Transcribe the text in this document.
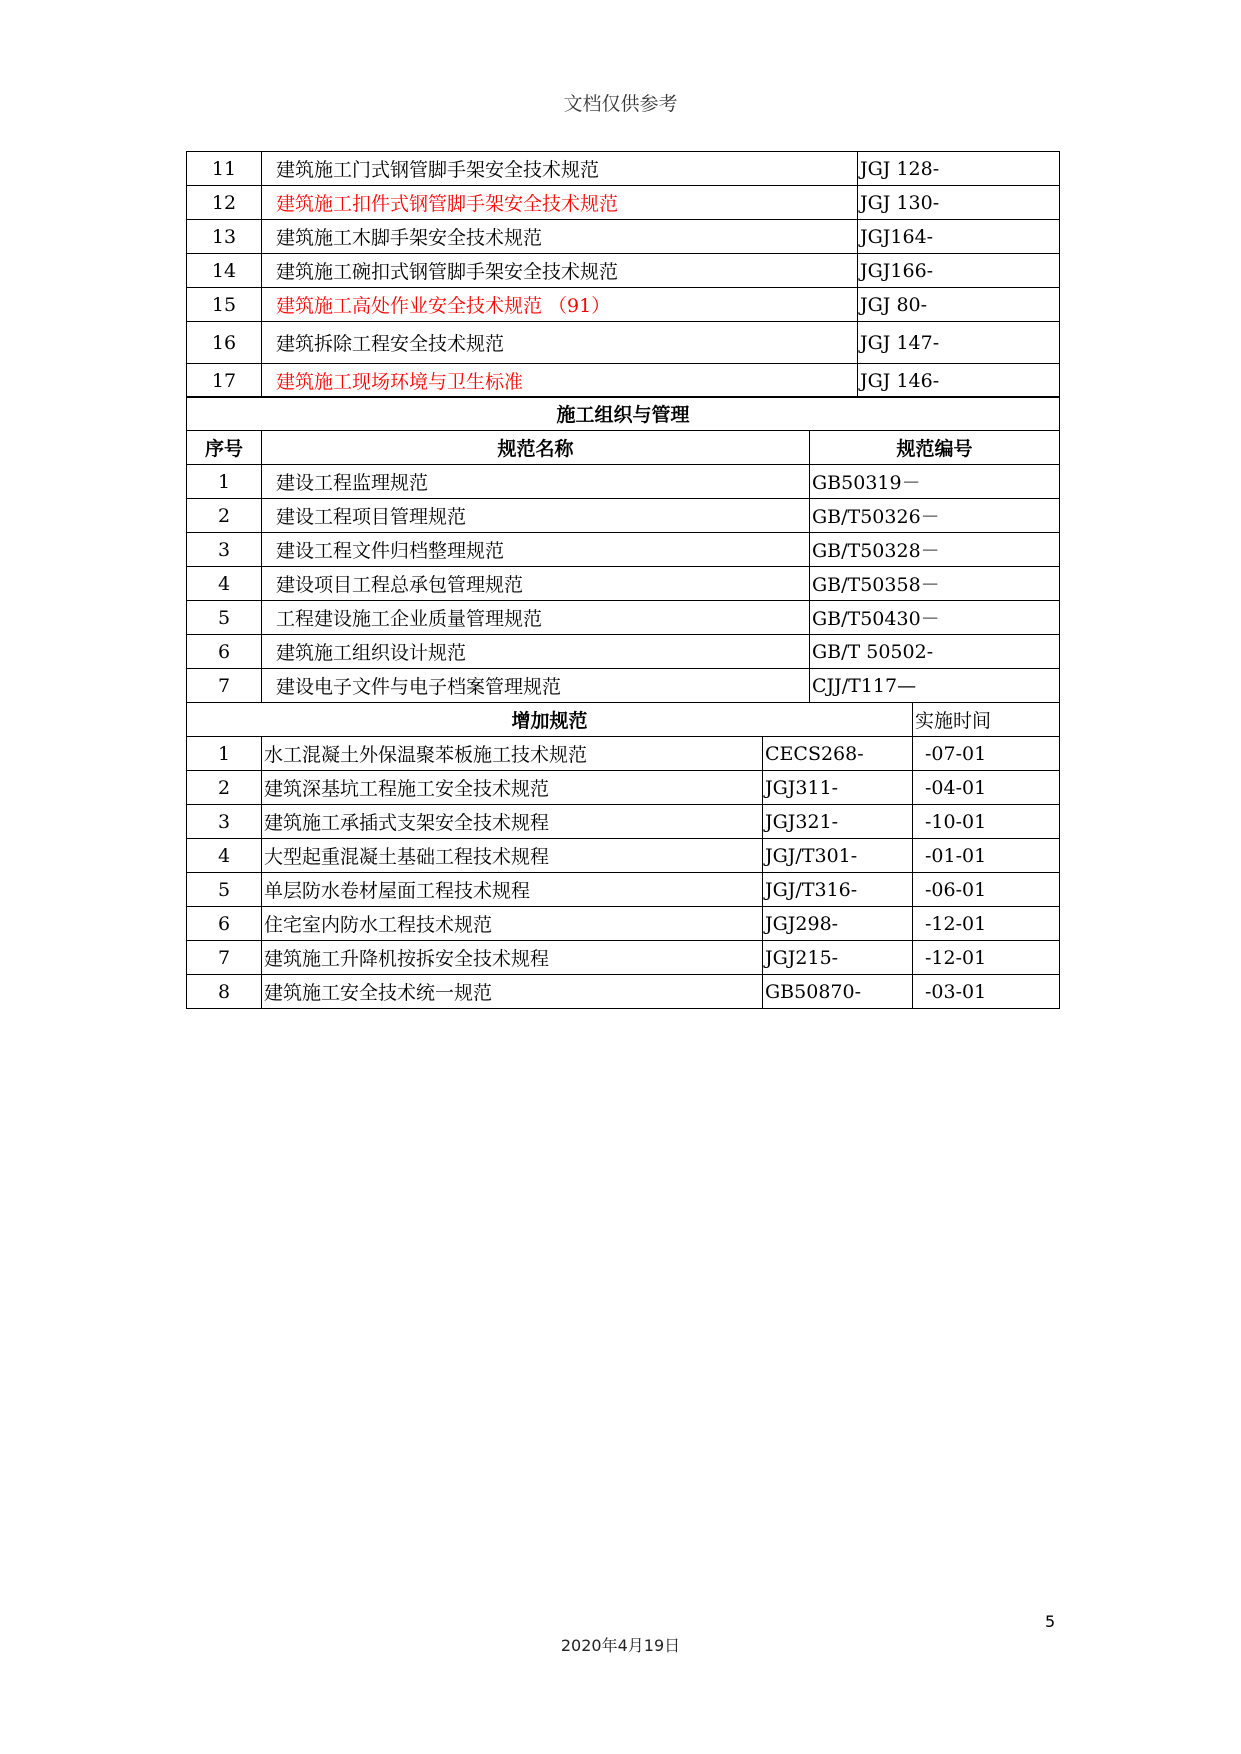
文档仅供参考
11	建筑施工门式钢管脚手架安全技术规范	JGJ 128-
12	建筑施工扣件式钢管脚手架安全技术规范	JGJ 130-
13	建筑施工木脚手架安全技术规范	JGJ164-
14	建筑施工碗扣式钢管脚手架安全技术规范	JGJ166-
15	建筑施工高处作业安全技术规范 （91）	JGJ 80-
16	建筑拆除工程安全技术规范	JGJ 147-
17	建筑施工现场环境与卫生标准	JGJ 146-
施工组织与管理		
序号	规范名称	规范编号
1	建设工程监理规范	GB50319－
2	建设工程项目管理规范	GB/T50326－
3	建设工程文件归档整理规范	GB/T50328－
4	建设项目工程总承包管理规范	GB/T50358－
5	工程建设施工企业质量管理规范	GB/T50430－
6	建筑施工组织设计规范	GB/T 50502-
7	建设电子文件与电子档案管理规范	CJJ/T117—
增加规范			实施时间
1	水工混凝土外保温聚苯板施工技术规范	CECS268-	-07-01
2	建筑深基坑工程施工安全技术规范	JGJ311-	-04-01
3	建筑施工承插式支架安全技术规程	JGJ321-	-10-01
4	大型起重混凝土基础工程技术规程	JGJ/T301-	-01-01
5	单层防水卷材屋面工程技术规程	JGJ/T316-	-06-01
6	住宅室内防水工程技术规范	JGJ298-	-12-01
7	建筑施工升降机按拆安全技术规程	JGJ215-	-12-01
8	建筑施工安全技术统一规范	GB50870-	-03-01
5
2020年4月19日
